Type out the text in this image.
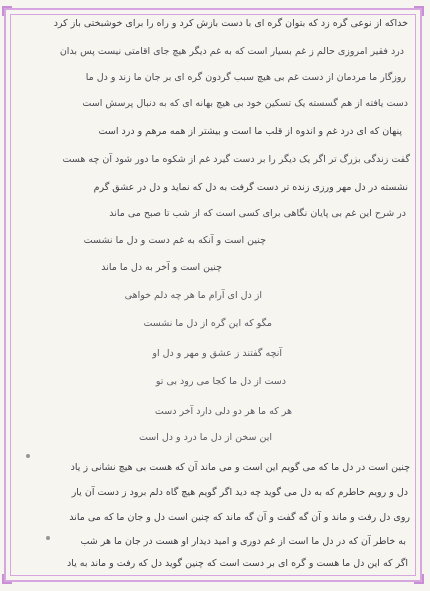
خداکه از نوعی گره زد که بتوان گره ای با دست بازش کرد و راه را برای خوشبختی باز کرد
درد فقیر امروزی حالم ز غم بسیار است که به غم دیگر هیچ جای اقامتی نیست پس بدان
روزگار ما مردمان از دست غم بی هیچ سبب گردون گره ای بر جان ما زند و دل ما
دست یافته از هم گسسته یک تسکین خود بی هیچ بهانه ای که به دنبال پرسش است
پنهان که ای درد غم و اندوه از قلب ما است و بیشتر از همه مرهم و درد است
گفت زندگی بزرگ تر اگر یک دیگر را بر دست گیرد غم از شکوه ما دور شود آن چه هست
نشسته در دل مهر ورزی زنده تر دست گرفت به دل که نماید و دل در عشق گرم
در شرح این غم بی پایان نگاهی برای کسی است که از شب تا صبح می ماند
چنین است و آنکه به غم دست و دل ما نشست
چنین است و آخر به دل ما ماند
از دل ای آرام ما هر چه دلم خواهی
مگو که این گره از دل ما نشست
آنچه گفتند ز عشق و مهر و دل او
دست از دل ما کجا می رود بی تو
هر که ما هر دو دلی دارد آخر دست
این سخن از دل ما درد و دل است
چنین است در دل ما که می گویم این است و می ماند آن که هست بی هیچ نشانی ز یاد
دل و رویم خاطرم که به دل می گوید چه دید اگر گویم هیچ گاه دلم برود ز دست آن یار
روی دل رفت و ماند و آن گه گفت و آن گه ماند که چنین است دل و جان ما که می ماند
به خاطر آن که در دل ما است از غم دوری و امید دیدار او هست در جان ما هر شب
اگر که این دل ما هست و گره ای بر دست است که چنین گوید دل که رفت و ماند به یاد
